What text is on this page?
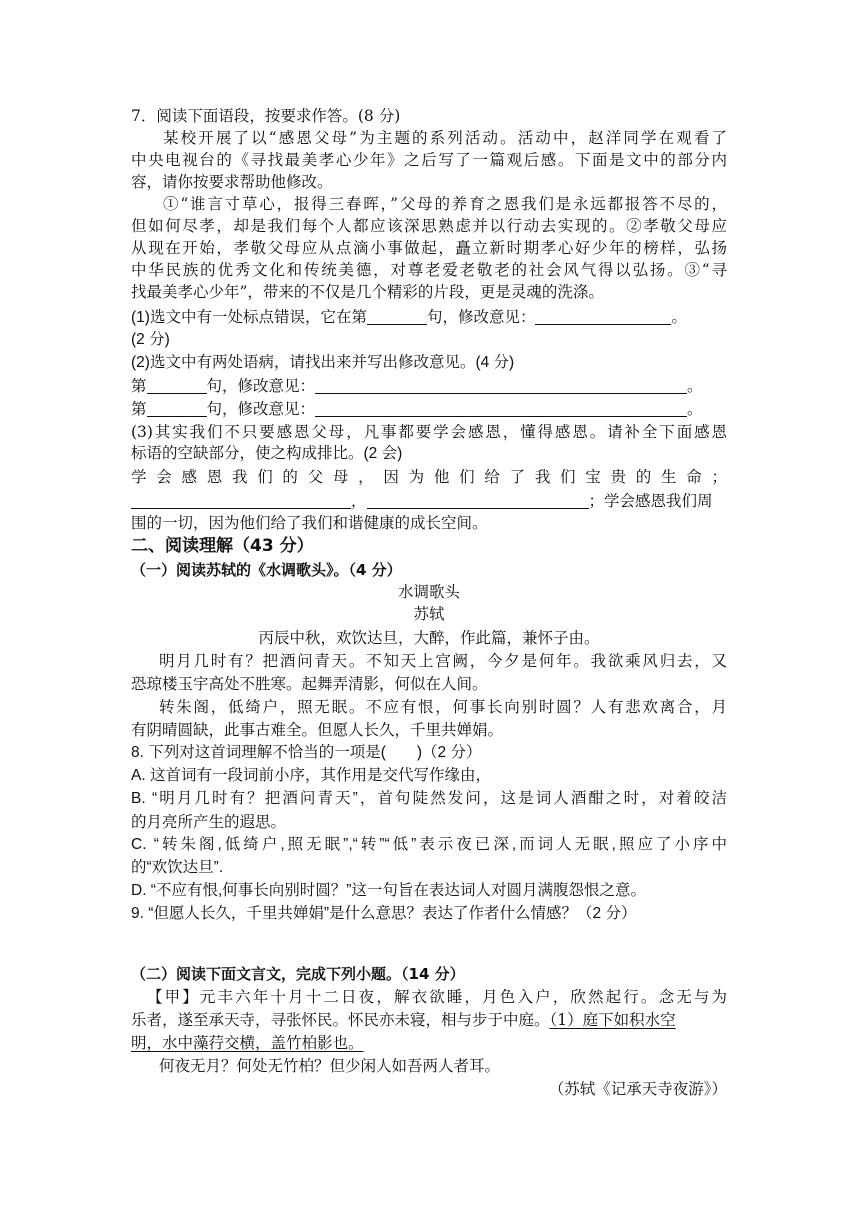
7．阅读下面语段，按要求作答。(8 分)
某校开展了以“感恩父母”为主题的系列活动。活动中，赵洋同学在观看了
中央电视台的《寻找最美孝心少年》之后写了一篇观后感。下面是文中的部分内
容，请你按要求帮助他修改。
①“谁言寸草心，报得三春晖，”父母的养育之恩我们是永远都报答不尽的，
但如何尽孝，却是我们每个人都应该深思熟虑并以行动去实现的。②孝敬父母应
从现在开始，孝敬父母应从点滴小事做起，矗立新时期孝心好少年的榜样，弘扬
中华民族的优秀文化和传统美德，对尊老爱老敬老的社会风气得以弘扬。③“寻
找最美孝心少年”，带来的不仅是几个精彩的片段，更是灵魂的洗涤。
(1)选文中有一处标点错误，它在第	句，修改意见：	。
(2 分)
(2)选文中有两处语病，请找出来并写出修改意见。(4 分)
第	句，修改意见：	。
第	句，修改意见：	。
(3)其实我们不只要感恩父母，凡事都要学会感恩，懂得感恩。请补全下面感恩
标语的空缺部分，使之构成排比。(2 会)
学会感恩我们的父母，因为他们给了我们宝贵的生命；
，	；学会感恩我们周
围的一切，因为他们给了我们和谐健康的成长空间。
二、阅读理解（43 分）
（一）阅读苏轼的《水调歌头》。（4 分）
水调歌头
苏轼
丙辰中秋，欢饮达旦，大醉，作此篇，兼怀子由。
明月几时有？把酒问青天。不知天上宫阙，今夕是何年。我欲乘风归去，又
恐琼楼玉宇高处不胜寒。起舞弄清影，何似在人间。
转朱阁，低绮户，照无眠。不应有恨，何事长向别时圆？人有悲欢离合，月
有阴晴圆缺，此事古难全。但愿人长久，千里共婵娟。
8. 下列对这首词理解不恰当的一项是(　　)（2 分）
A. 这首词有一段词前小序，其作用是交代写作缘由，
B. “明月几时有？把酒问青天”，首句陡然发问，这是词人酒酣之时，对着皎洁
的月亮所产生的遐思。
C. “转朱阁,低绮户,照无眠”,“转”“低”表示夜已深,而词人无眠,照应了小序中
的“欢饮达旦”.
D. “不应有恨,何事长向别时圆？”这一句旨在表达词人对圆月满腹怨恨之意。
9. “但愿人长久，千里共婵娟”是什么意思？表达了作者什么情感？（2 分）
（二）阅读下面文言文，完成下列小题。（14 分）
【甲】元丰六年十月十二日夜，解衣欲睡，月色入户，欣然起行。念无与为
乐者，遂至承天寺，寻张怀民。怀民亦未寝，相与步于中庭。（1）庭下如积水空
明，水中藻荇交横，盖竹柏影也。
何夜无月？何处无竹柏？但少闲人如吾两人者耳。
（苏轼《记承天寺夜游》）
